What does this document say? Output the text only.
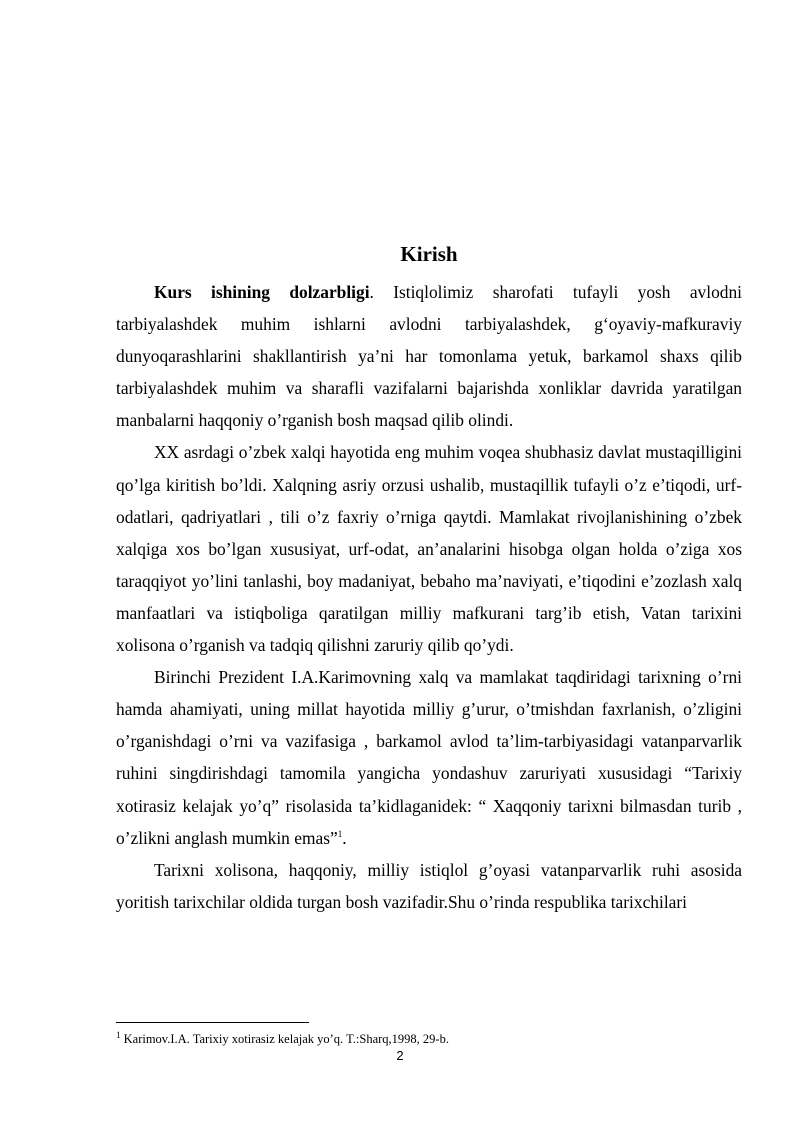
Kirish

Kurs ishining dolzarbligi. Istiqlolimiz sharofati tufayli yosh avlodni tarbiyalashdek muhim ishlarni avlodni tarbiyalashdek, g‘oyaviy-mafkuraviy dunyoqarashlarini shakllantirish ya’ni har tomonlama yetuk, barkamol shaxs qilib tarbiyalashdek muhim va sharafli vazifalarni bajarishda xonliklar davrida yaratilgan manbalarni haqqoniy o’rganish bosh maqsad qilib olindi.

XX asrdagi o’zbek xalqi hayotida eng muhim voqea shubhasiz davlat mustaqilligini qo’lga kiritish bo’ldi. Xalqning asriy orzusi ushalib, mustaqillik tufayli o’z e’tiqodi, urf-odatlari, qadriyatlari , tili o’z faxriy o’rniga qaytdi. Mamlakat rivojlanishining o’zbek xalqiga xos bo’lgan xususiyat, urf-odat, an’analarini hisobga olgan holda o’ziga xos taraqqiyot yo’lini tanlashi, boy madaniyat, bebaho ma’naviyati, e’tiqodini e’zozlash xalq manfaatlari va istiqboliga qaratilgan milliy mafkurani targ’ib etish, Vatan tarixini xolisona o’rganish va tadqiq qilishni zaruriy qilib qo’ydi.

Birinchi Prezident I.A.Karimovning xalq va mamlakat taqdiridagi tarixning o’rni hamda ahamiyati, uning millat hayotida milliy g’urur, o’tmishdan faxrlanish, o’zligini o’rganishdagi o’rni va vazifasiga , barkamol avlod ta’lim-tarbiyasidagi vatanparvarlik ruhini singdirishdagi tamomila yangicha yondashuv zaruriyati xususidagi “Tarixiy xotirasiz kelajak yo’q” risolasida ta’kidlaganidek: “ Xaqqoniy tarixni bilmasdan turib , o’zlikni anglash mumkin emas”$^1$.

Tarixni xolisona, haqqoniy, milliy istiqlol g’oyasi vatanparvarlik ruhi asosida yoritish tarixchilar oldida turgan bosh vazifadir.Shu o’rinda respublika tarixchilari

$^1$ Karimov.I.A. Tarixiy xotirasiz kelajak yo’q. T.:Sharq,1998, 29-b.
2
